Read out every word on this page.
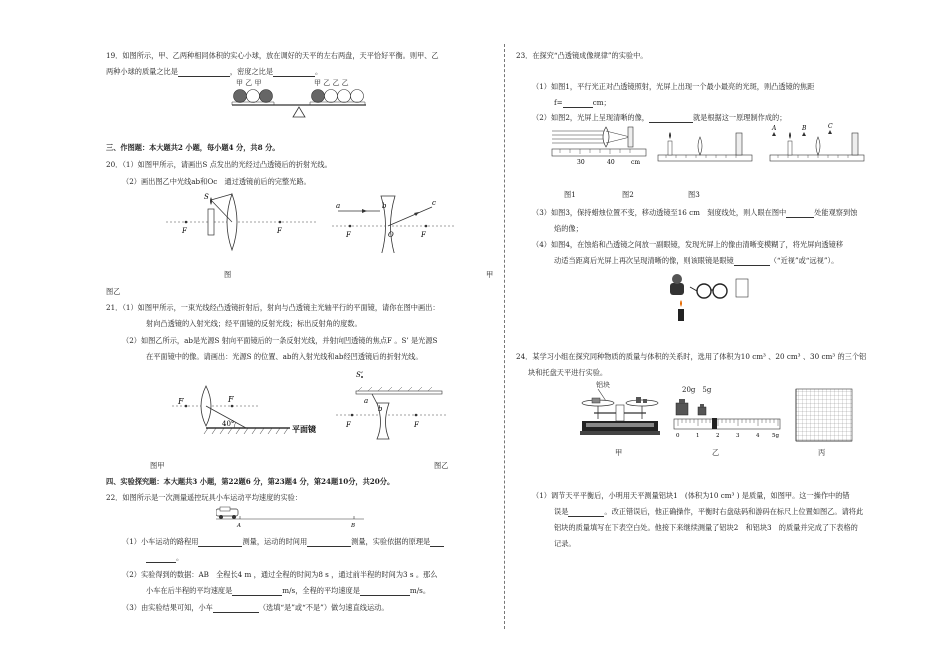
19．如图所示，甲、乙两种相同体积的实心小球，放在调好的天平的左右两盘，天平恰好平衡。则甲、乙
两种小球的质量之比是	，密度之比是	。
甲 乙 甲	甲 乙 乙 乙
三、作图题：本大题共2 小题，每小题4 分，共8 分。
20．（1）如图甲所示，请画出S 点发出的光经过凸透镜后的折射光线。
（2）画出图乙中光线ab和Oc　通过透镜前后的完整光路。
S
F	F
a	b	c
F	O	F
图	甲
图乙
21．（1）如图甲所示，一束光线经凸透镜折射后，射向与凸透镜主光轴平行的平面镜，请你在图中画出：
射向凸透镜的入射光线；经平面镜的反射光线；标出反射角的度数。
（2）如图乙所示，ab是光源S 射向平面镜后的一条反射光线，并射向凹透镜的焦点F 。S’ 是光源S
在平面镜中的像。请画出：光源S 的位置、ab的入射光线和ab经凹透镜后的折射光线。
F	F
40°	平面镜
S’
a
b
F	F
图甲	图乙
四、实验探究题：本大题共3 小题，第22题6 分，第23题4 分，第24题10分，共20分。
22．如图所示是一次测量遥控玩具小车运动平均速度的实验：
A	B
（1）小车运动的路程用	测量，运动的时间用	测量，实验依据的原理是
。
（2）实验得到的数据：AB　全程长4 m ，通过全程的时间为8 s ，通过前半程的时间为3 s 。那么
小车在后半程的平均速度是	m/s，全程的平均速度是	m/s。
（3）由实验结果可知，小车	（选填“是”或“不是”）做匀速直线运动。
23．在探究“凸透镜成像规律”的实验中。
（1）如图1，平行光正对凸透镜照射，光屏上出现一个最小最亮的光斑，则凸透镜的焦距
f=	cm；
（2）如图2，光屏上呈现清晰的像，	就是根据这一原理制作成的；
30	40	cm
A	B	C
图1	图2	图3
（3）如图3，保持蜡烛位置不变，移动透镜至16 cm　刻度线处，则人眼在图中	处能观察到蚀
焰的像；
（4）如图4，在蚀焰和凸透镜之间放一副眼镜，发现光屏上的像由清晰变模糊了，将光屏向透镜移
动适当距离后光屏上再次呈现清晰的像，则该眼镜是眼镜	（“近视”或“远视”）。
24．某学习小组在探究同种物质的质量与体积的关系时，选用了体积为10 cm³ 、20 cm³ 、30 cm³ 的三个铝
块和托盘天平进行实验。
铝块
20g　5g
0	1	2	3	4 5g
甲	乙	丙
（1）调节天平平衡后，小明用天平测量铝块1　(体积为10 cm³ ) 是质量，如图甲。这一操作中的错
误是	。改正错误后，他正确操作，平衡时右盘砝码和游码在标尺上位置如图乙。请将此
铝块的质量填写在下表空白处。他接下来继续测量了铝块2　和铝块3　的质量并完成了下表格的
记录。
